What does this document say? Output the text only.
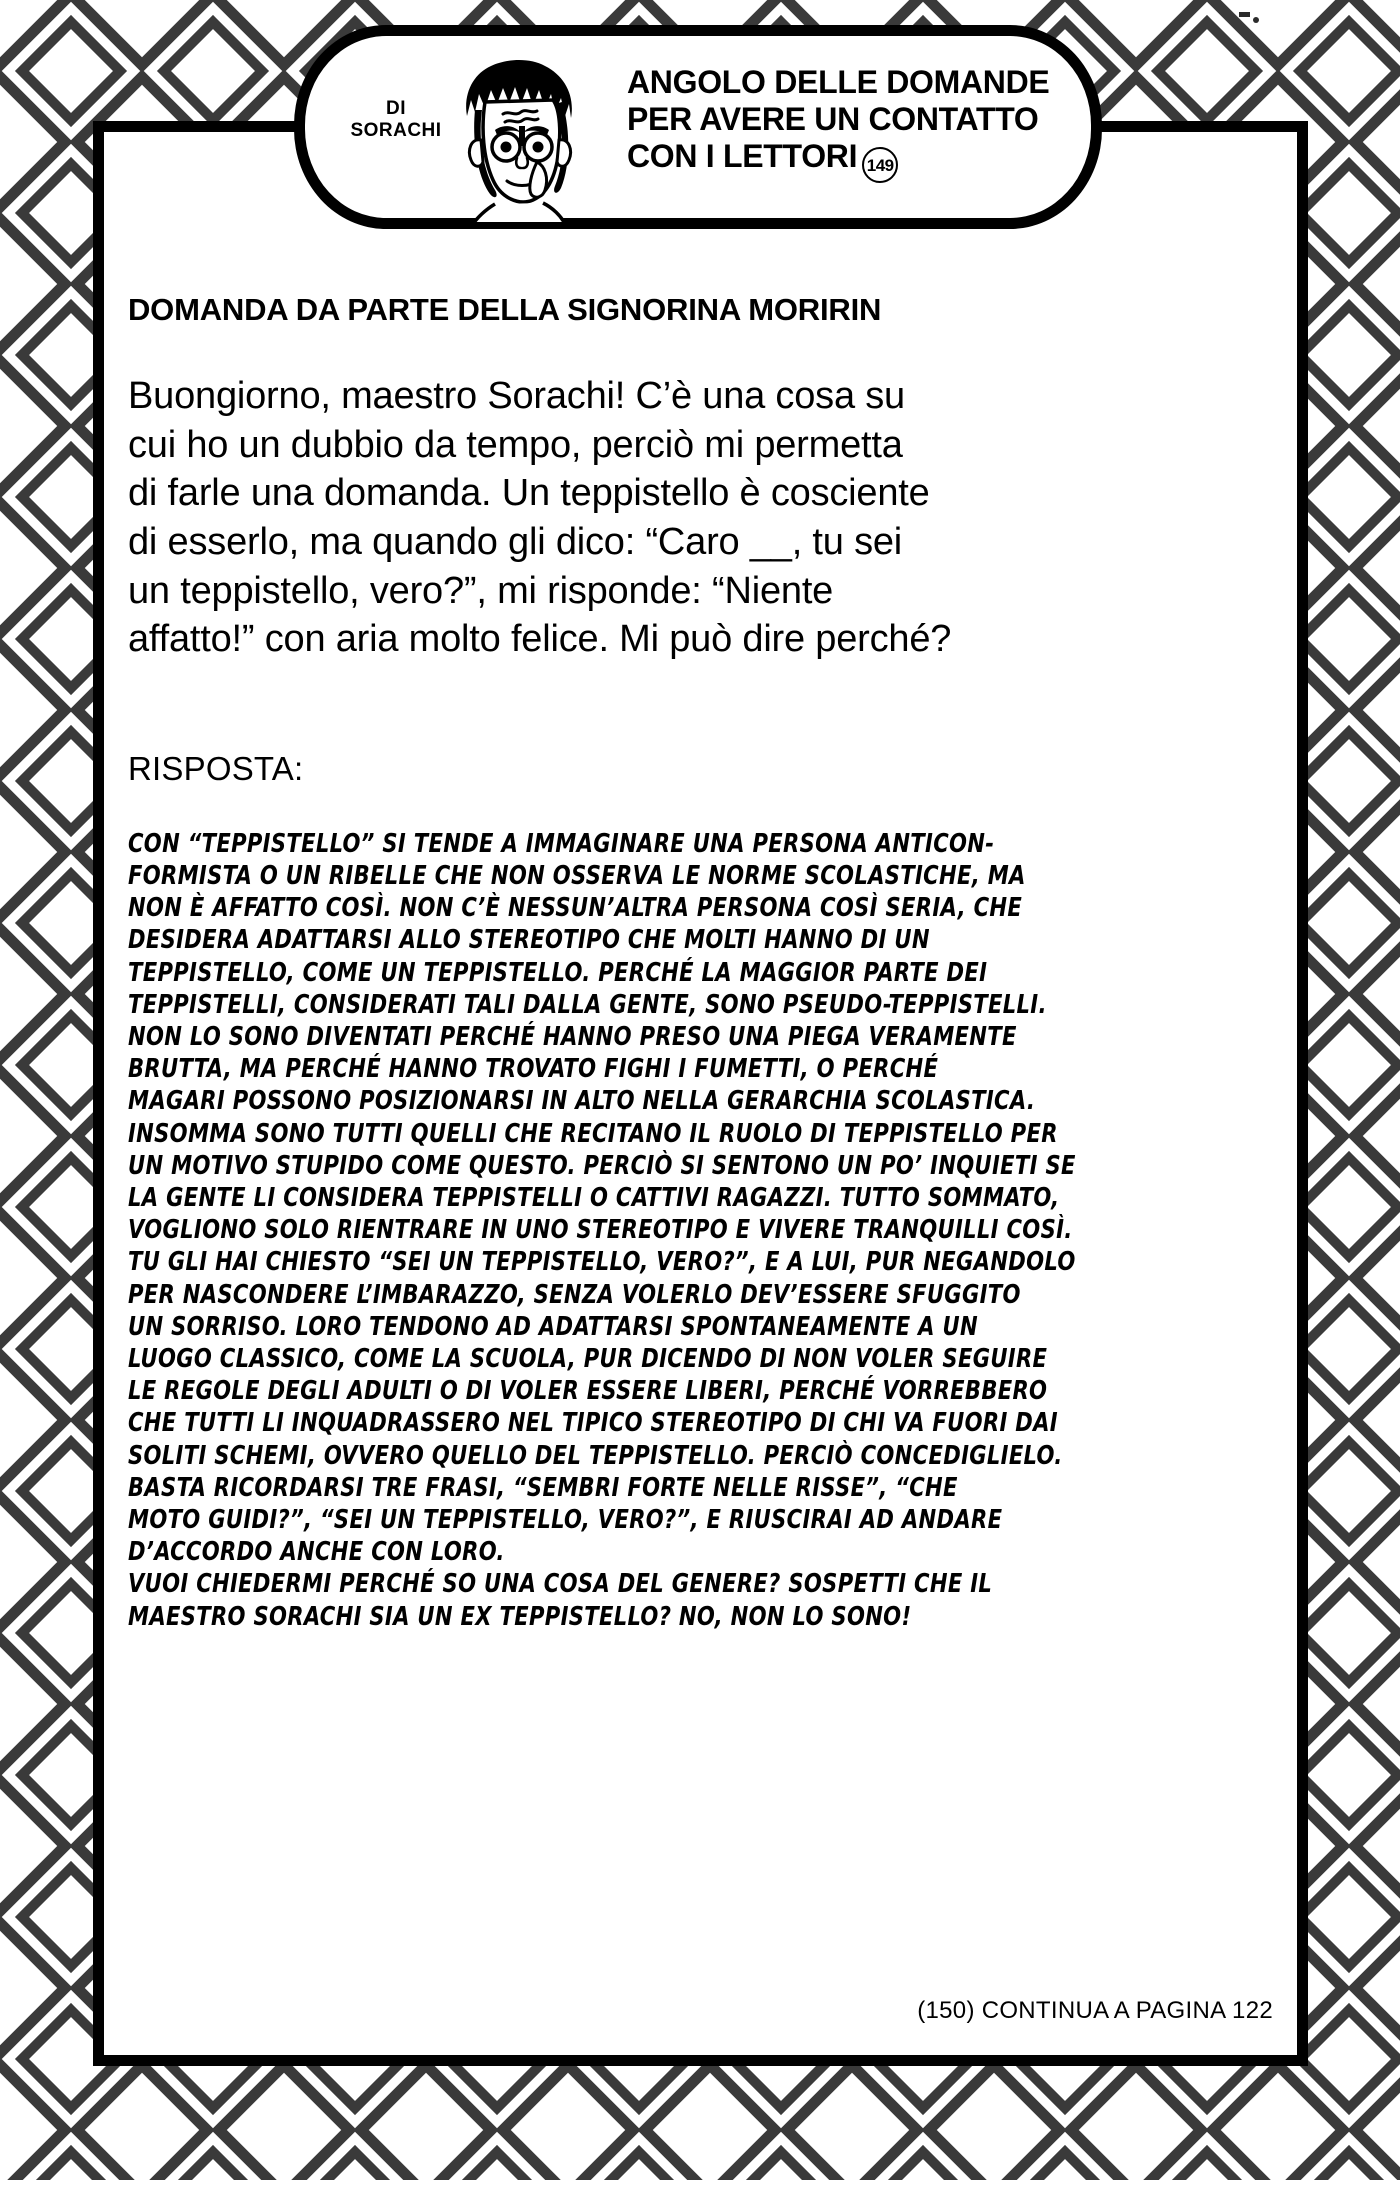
DOMANDA DA PARTE DELLA SIGNORINA MORIRIN
Buongiorno, maestro Sorachi! C’è una cosa su
cui ho un dubbio da tempo, perciò mi permetta
di farle una domanda. Un teppistello è cosciente
di esserlo, ma quando gli dico: “Caro __, tu sei
un teppistello, vero?”, mi risponde: “Niente
affatto!” con aria molto felice. Mi può dire perché?
RISPOSTA:
CON “TEPPISTELLO” SI TENDE A IMMAGINARE UNA PERSONA ANTICON-
FORMISTA O UN RIBELLE CHE NON OSSERVA LE NORME SCOLASTICHE, MA
NON È AFFATTO COSÌ. NON C’È NESSUN’ALTRA PERSONA COSÌ SERIA, CHE
DESIDERA ADATTARSI ALLO STEREOTIPO CHE MOLTI HANNO DI UN
TEPPISTELLO, COME UN TEPPISTELLO. PERCHÉ LA MAGGIOR PARTE DEI
TEPPISTELLI, CONSIDERATI TALI DALLA GENTE, SONO PSEUDO-TEPPISTELLI.
NON LO SONO DIVENTATI PERCHÉ HANNO PRESO UNA PIEGA VERAMENTE
BRUTTA, MA PERCHÉ HANNO TROVATO FIGHI I FUMETTI, O PERCHÉ
MAGARI POSSONO POSIZIONARSI IN ALTO NELLA GERARCHIA SCOLASTICA.
INSOMMA SONO TUTTI QUELLI CHE RECITANO IL RUOLO DI TEPPISTELLO PER
UN MOTIVO STUPIDO COME QUESTO. PERCIÒ SI SENTONO UN PO’ INQUIETI SE
LA GENTE LI CONSIDERA TEPPISTELLI O CATTIVI RAGAZZI. TUTTO SOMMATO,
VOGLIONO SOLO RIENTRARE IN UNO STEREOTIPO E VIVERE TRANQUILLI COSÌ.
TU GLI HAI CHIESTO “SEI UN TEPPISTELLO, VERO?”, E A LUI, PUR NEGANDOLO
PER NASCONDERE L’IMBARAZZO, SENZA VOLERLO DEV’ESSERE SFUGGITO
UN SORRISO. LORO TENDONO AD ADATTARSI SPONTANEAMENTE A UN
LUOGO CLASSICO, COME LA SCUOLA, PUR DICENDO DI NON VOLER SEGUIRE
LE REGOLE DEGLI ADULTI O DI VOLER ESSERE LIBERI, PERCHÉ VORREBBERO
CHE TUTTI LI INQUADRASSERO NEL TIPICO STEREOTIPO DI CHI VA FUORI DAI
SOLITI SCHEMI, OVVERO QUELLO DEL TEPPISTELLO. PERCIÒ CONCEDIGLIELO.
BASTA RICORDARSI TRE FRASI, “SEMBRI FORTE NELLE RISSE”, “CHE
MOTO GUIDI?”, “SEI UN TEPPISTELLO, VERO?”, E RIUSCIRAI AD ANDARE
D’ACCORDO ANCHE CON LORO.
VUOI CHIEDERMI PERCHÉ SO UNA COSA DEL GENERE? SOSPETTI CHE IL
MAESTRO SORACHI SIA UN EX TEPPISTELLO? NO, NON LO SONO!
(150) CONTINUA A PAGINA 122
DI
SORACHI
ANGOLO DELLE DOMANDE
PER AVERE UN CONTATTO
CON I LETTORI 149
